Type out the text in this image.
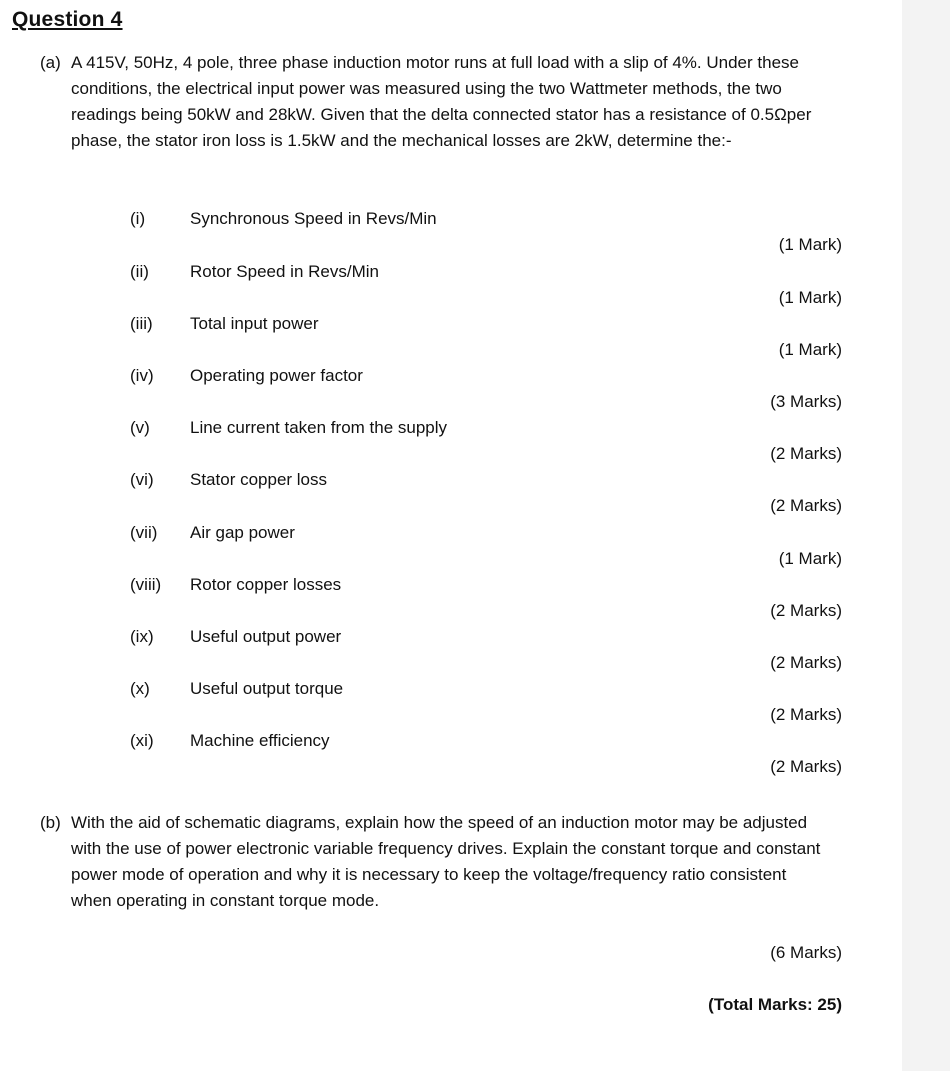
Question 4
(a) A 415V, 50Hz, 4 pole, three phase induction motor runs at full load with a slip of 4%. Under these conditions, the electrical input power was measured using the two Wattmeter methods, the two readings being 50kW and 28kW. Given that the delta connected stator has a resistance of 0.5Ωper phase, the stator iron loss is 1.5kW and the mechanical losses are 2kW, determine the:-
(i)	Synchronous Speed in Revs/Min
(1 Mark)
(ii) Rotor Speed in Revs/Min
(1 Mark)
(iii) Total input power
(1 Mark)
(iv) Operating power factor
(3 Marks)
(v) Line current taken from the supply
(2 Marks)
(vi) Stator copper loss
(2 Marks)
(vii) Air gap power
(1 Mark)
(viii) Rotor copper losses
(2 Marks)
(ix) Useful output power
(2 Marks)
(x) Useful output torque
(2 Marks)
(xi) Machine efficiency
(2 Marks)
(b) With the aid of schematic diagrams, explain how the speed of an induction motor may be adjusted with the use of power electronic variable frequency drives. Explain the constant torque and constant power mode of operation and why it is necessary to keep the voltage/frequency ratio consistent when operating in constant torque mode.
(6 Marks)
(Total Marks: 25)
